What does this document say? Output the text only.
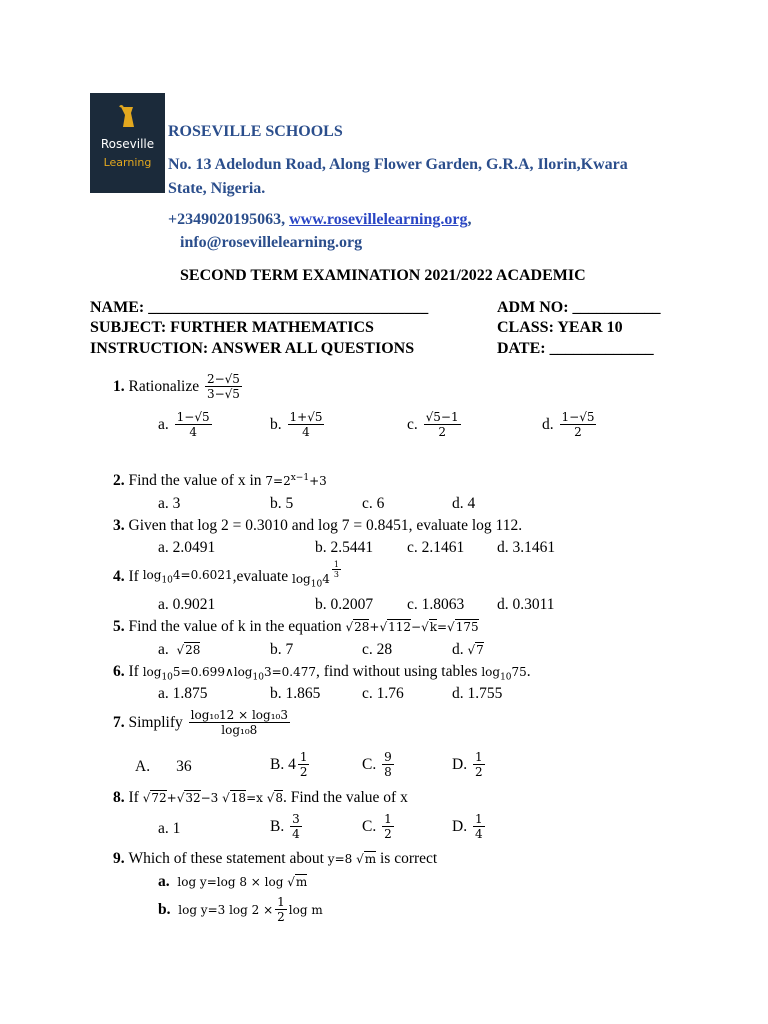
Roseville
Learning
ROSEVILLE SCHOOLS
No. 13 Adelodun Road, Along Flower Garden, G.R.A, Ilorin,Kwara
State, Nigeria.
+2349020195063, www.rosevillelearning.org,
info@rosevillelearning.org
SECOND TERM EXAMINATION 2021/2022 ACADEMIC
NAME: ___________________________________	ADM NO: ___________
SUBJECT: FURTHER MATHEMATICS	CLASS: YEAR 10
INSTRUCTION: ANSWER ALL QUESTIONS	DATE: _____________
1.
Rationalize
$\frac{2-√5}{3-√5}$
a.
$\frac{1-√5}{4}$	b.
$\frac{1+√5}{4}$	c.
$\frac{√5-1}{2}$	d.
$\frac{1-√5}{2}$
2. Find the value of x in $7=2^{x-1}+3$
a. 3	b. 5	c. 6	d. 4
3. Given that log 2 = 0.3010 and log 7 = 0.8451, evaluate log 112.
a. 2.0491	b. 2.5441 c. 2.1461 d. 3.1461
4.
If
$\log_{10}4=0.6021$ ,evaluate
$\log_{10}4 \frac{1}{3}$
a. 0.9021	b. 0.2007 c. 1.8063 d. 0.3011
5. Find the value of k in the equation √28+√112−√k=√175
a. √28	b. 7	c. 28	d. √7
6. If $\log_{10}5=0.699\wedge\log_{10}3=0.477$, find without using tables $\log_{10}75$.
a. 1.875	b. 1.865	c. 1.76	d. 1.755
7.
Simplify
$\frac{\text{log₁₀12 × log₁₀3}}{\text{log₁₀8}}$
A. 36	B.
$4 \frac{1}{2}$	C.
$\frac{9}{8}$	D.
$\frac{1}{2}$
8. If √72+√32−3 √18=x √8. Find the value of x
a. 1	B.
$\frac{3}{4}$	C.
$\frac{1}{2}$	D.
$\frac{1}{4}$
9. Which of these statement about y=8 √m is correct
a. log y=log 8 × log √m
b.
log y=3 $\log 2 \times \frac{1}{2}$ log m
